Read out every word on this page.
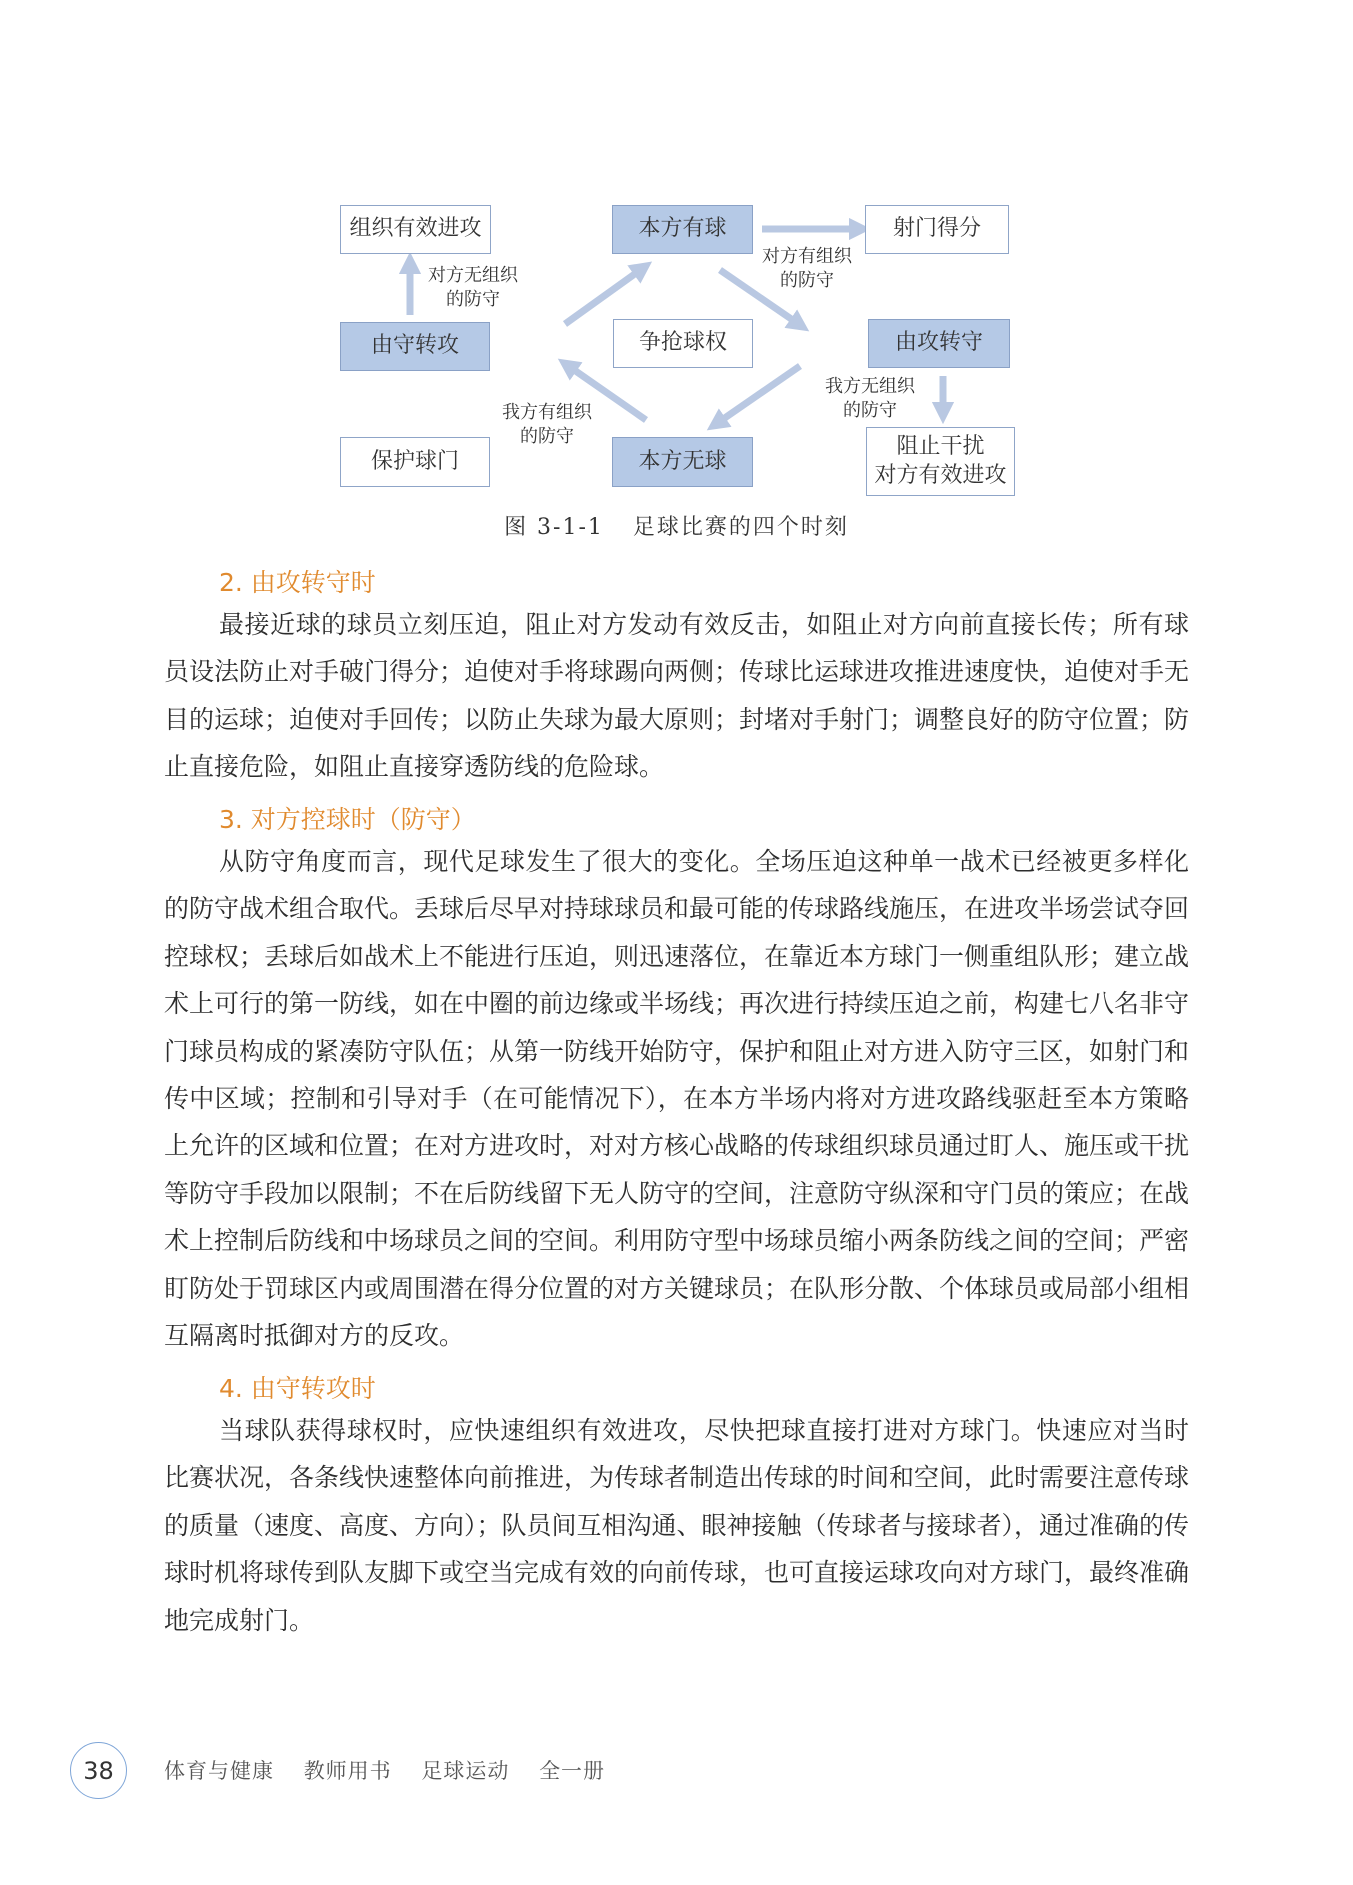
组织有效进攻	本方有球	射门得分
由守转攻	争抢球权	由攻转守
保护球门	本方无球
阻止干扰
对方有效进攻
对方无组织
的防守
对方有组织
的防守
我方有组织
的防守
我方无组织
的防守
图 3-1-1 足球比赛的四个时刻
2. 由攻转守时

最接近球的球员立刻压迫，阻止对方发动有效反击，如阻止对方向前直接长传；所有球员设法防止对手破门得分；迫使对手将球踢向两侧；传球比运球进攻推进速度快，迫使对手无目的运球；迫使对手回传；以防止失球为最大原则；封堵对手射门；调整良好的防守位置；防止直接危险，如阻止直接穿透防线的危险球。

3. 对方控球时（防守）

从防守角度而言，现代足球发生了很大的变化。全场压迫这种单一战术已经被更多样化的防守战术组合取代。丢球后尽早对持球球员和最可能的传球路线施压，在进攻半场尝试夺回控球权；丢球后如战术上不能进行压迫，则迅速落位，在靠近本方球门一侧重组队形；建立战术上可行的第一防线，如在中圈的前边缘或半场线；再次进行持续压迫之前，构建七八名非守门球员构成的紧凑防守队伍；从第一防线开始防守，保护和阻止对方进入防守三区，如射门和传中区域；控制和引导对手（在可能情况下），在本方半场内将对方进攻路线驱赶至本方策略上允许的区域和位置；在对方进攻时，对对方核心战略的传球组织球员通过盯人、施压或干扰等防守手段加以限制；不在后防线留下无人防守的空间，注意防守纵深和守门员的策应；在战术上控制后防线和中场球员之间的空间。利用防守型中场球员缩小两条防线之间的空间；严密盯防处于罚球区内或周围潜在得分位置的对方关键球员；在队形分散、个体球员或局部小组相互隔离时抵御对方的反攻。

4. 由守转攻时

当球队获得球权时，应快速组织有效进攻，尽快把球直接打进对方球门。快速应对当时比赛状况，各条线快速整体向前推进，为传球者制造出传球的时间和空间，此时需要注意传球的质量（速度、高度、方向）；队员间互相沟通、眼神接触（传球者与接球者），通过准确的传球时机将球传到队友脚下或空当完成有效的向前传球，也可直接运球攻向对方球门，最终准确地完成射门。

38	体育与健康 教师用书 足球运动 全一册
